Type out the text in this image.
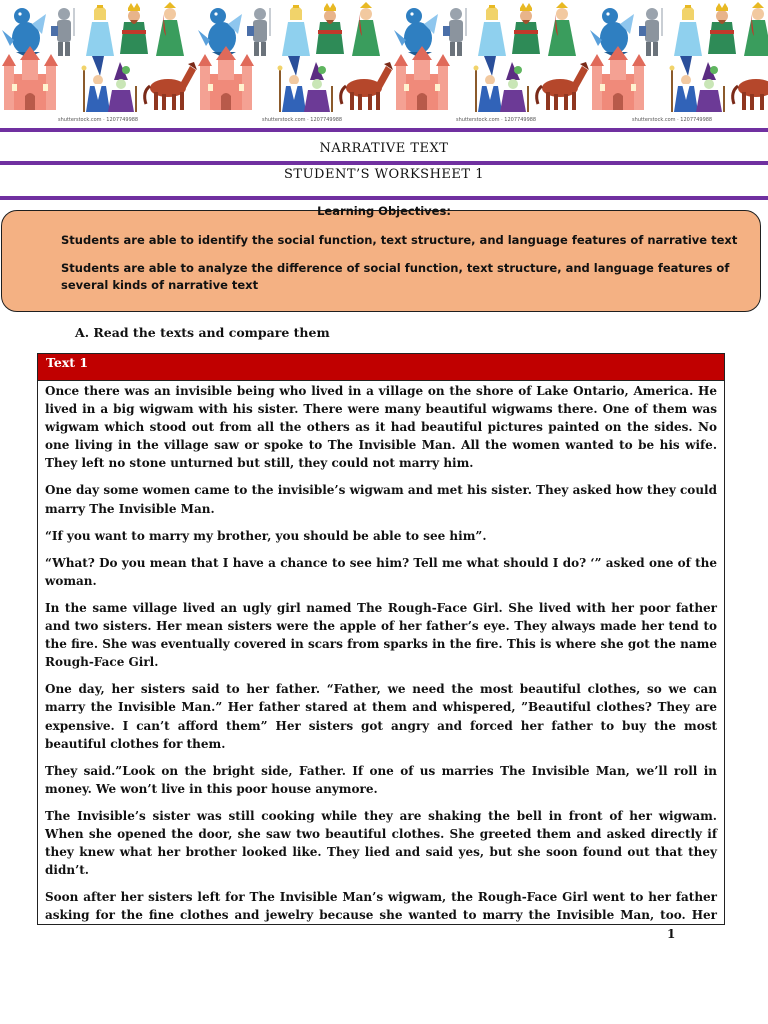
shutterstock.com · 1207749988	shutterstock.com · 1207749988	shutterstock.com · 1207749988	shutterstock.com · 1207749988
NARRATIVE TEXT
STUDENT’S WORKSHEET 1
Students are able to identify the social function, text structure, and language features of narrative text
Students are able to analyze the difference of social function, text structure, and language features of several kinds of narrative text
Learning Objectives:
A. Read the texts and compare them
Text 1

Once there was an invisible being who lived in a village on the shore of Lake Ontario, America. He lived in a big wigwam with his sister. There were many beautiful wigwams there. One of them was wigwam which stood out from all the others as it had beautiful pictures painted on the sides. No one living in the village saw or spoke to The Invisible Man. All the women wanted to be his wife. They left no stone unturned but still, they could not marry him.

One day some women came to the invisible’s wigwam and met his sister. They asked how they could marry The Invisible Man.

“If you want to marry my brother, you should be able to see him”.

“What? Do you mean that I have a chance to see him? Tell me what should I do? ‘” asked one of the woman.

In the same village lived an ugly girl named The Rough-Face Girl. She lived with her poor father and two sisters. Her mean sisters were the apple of her father’s eye. They always made her tend to the fire. She was eventually covered in scars from sparks in the fire. This is where she got the name Rough-Face Girl.

One day, her sisters said to her father. “Father, we need the most beautiful clothes, so we can marry the Invisible Man.” Her father stared at them and whispered, ”Beautiful clothes? They are expensive. I can’t afford them” Her sisters got angry and forced her father to buy the most beautiful clothes for them.

They said.”Look on the bright side, Father. If one of us marries The Invisible Man, we’ll roll in money. We won’t live in this poor house anymore.

The Invisible’s sister was still cooking while they are shaking the bell in front of her wigwam. When she opened the door, she saw two beautiful clothes. She greeted them and asked directly if they knew what her brother looked like. They lied and said yes, but she soon found out that they didn’t.

Soon after her sisters left for The Invisible Man’s wigwam, the Rough-Face Girl went to her father asking for the fine clothes and jewelry because she wanted to marry the Invisible Man, too. Her

1
